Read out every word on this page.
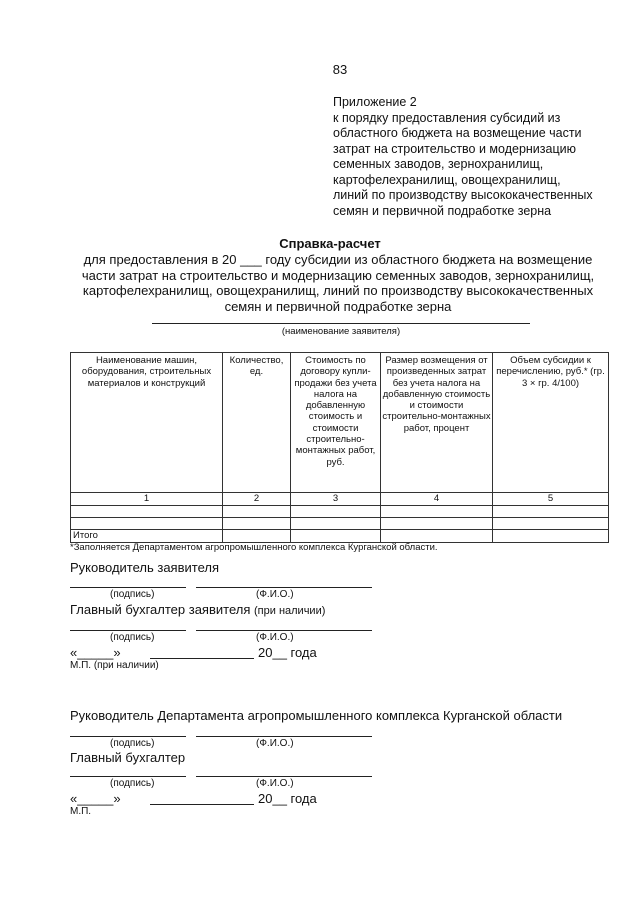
83
Приложение 2
к порядку предоставления субсидий из
областного бюджета на возмещение части
затрат на строительство и модернизацию
семенных заводов, зернохранилищ,
картофелехранилищ, овощехранилищ,
линий по производству высококачественных
семян и первичной подработке зерна
Справка-расчет
для предоставления в 20 ___ году субсидии из областного бюджета на возмещение
части затрат на строительство и модернизацию семенных заводов, зернохранилищ,
картофелехранилищ, овощехранилищ, линий по производству высококачественных
семян и первичной подработке зерна
(наименование заявителя)
Наименование машин, оборудования, строительных материалов и конструкций	Количество, ед.	Стоимость по договору купли-продажи без учета налога на добавленную стоимость и стоимости строительно-монтажных работ, руб.	Размер возмещения от произведенных затрат без учета налога на добавленную стоимость и стоимости строительно-монтажных работ, процент	Объем субсидии к перечислению, руб.* (гр. 3 × гр. 4/100)
1	2	3	4	5

Итого				
*Заполняется Департаментом агропромышленного комплекса Курганской области.
Руководитель заявителя
(подпись)	(Ф.И.О.)
Главный бухгалтер заявителя (при наличии)
(подпись)	(Ф.И.О.)
«_____»	20__ года
М.П. (при наличии)
Руководитель Департамента агропромышленного комплекса Курганской области
(подпись)	(Ф.И.О.)
Главный бухгалтер
(подпись)	(Ф.И.О.)
«_____»	20__ года
М.П.
